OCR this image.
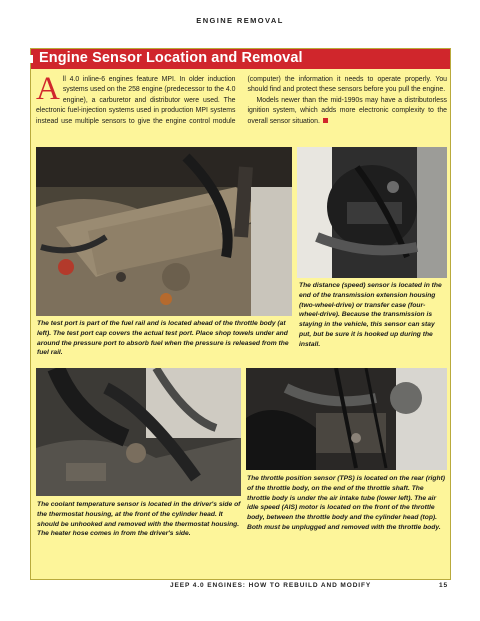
ENGINE REMOVAL
Engine Sensor Location and Removal

All 4.0 inline-6 engines feature MPI. In older induction systems used on the 258 engine (predecessor to the 4.0 engine), a carburetor and distributor were used. The electronic fuel-injection systems used in production MPI systems instead use multiple sensors to give the engine control module (computer) the information it needs to operate properly. You should find and protect these sensors before you pull the engine.

Models newer than the mid-1990s may have a distributorless ignition system, which adds more electronic complexity to the overall sensor situation.

The distance (speed) sensor is located in the end of the transmission extension housing (two-wheel-drive) or transfer case (four-wheel-drive). Because the transmission is staying in the vehicle, this sensor can stay put, but be sure it is hooked up during the install.
The test port is part of the fuel rail and is located ahead of the throttle body (at left). The test port cap covers the actual test port. Place shop towels under and around the pressure port to absorb fuel when the pressure is released from the fuel rail.
The coolant temperature sensor is located in the driver's side of the thermostat housing, at the front of the cylinder head. It should be unhooked and removed with the thermostat housing. The heater hose comes in from the driver's side.
The throttle position sensor (TPS) is located on the rear (right) of the throttle body, on the end of the throttle shaft. The throttle body is under the air intake tube (lower left). The air idle speed (AIS) motor is located on the front of the throttle body, between the throttle body and the cylinder head (top). Both must be unplugged and removed with the throttle body.
JEEP 4.0 ENGINES: HOW TO REBUILD AND MODIFY	15
